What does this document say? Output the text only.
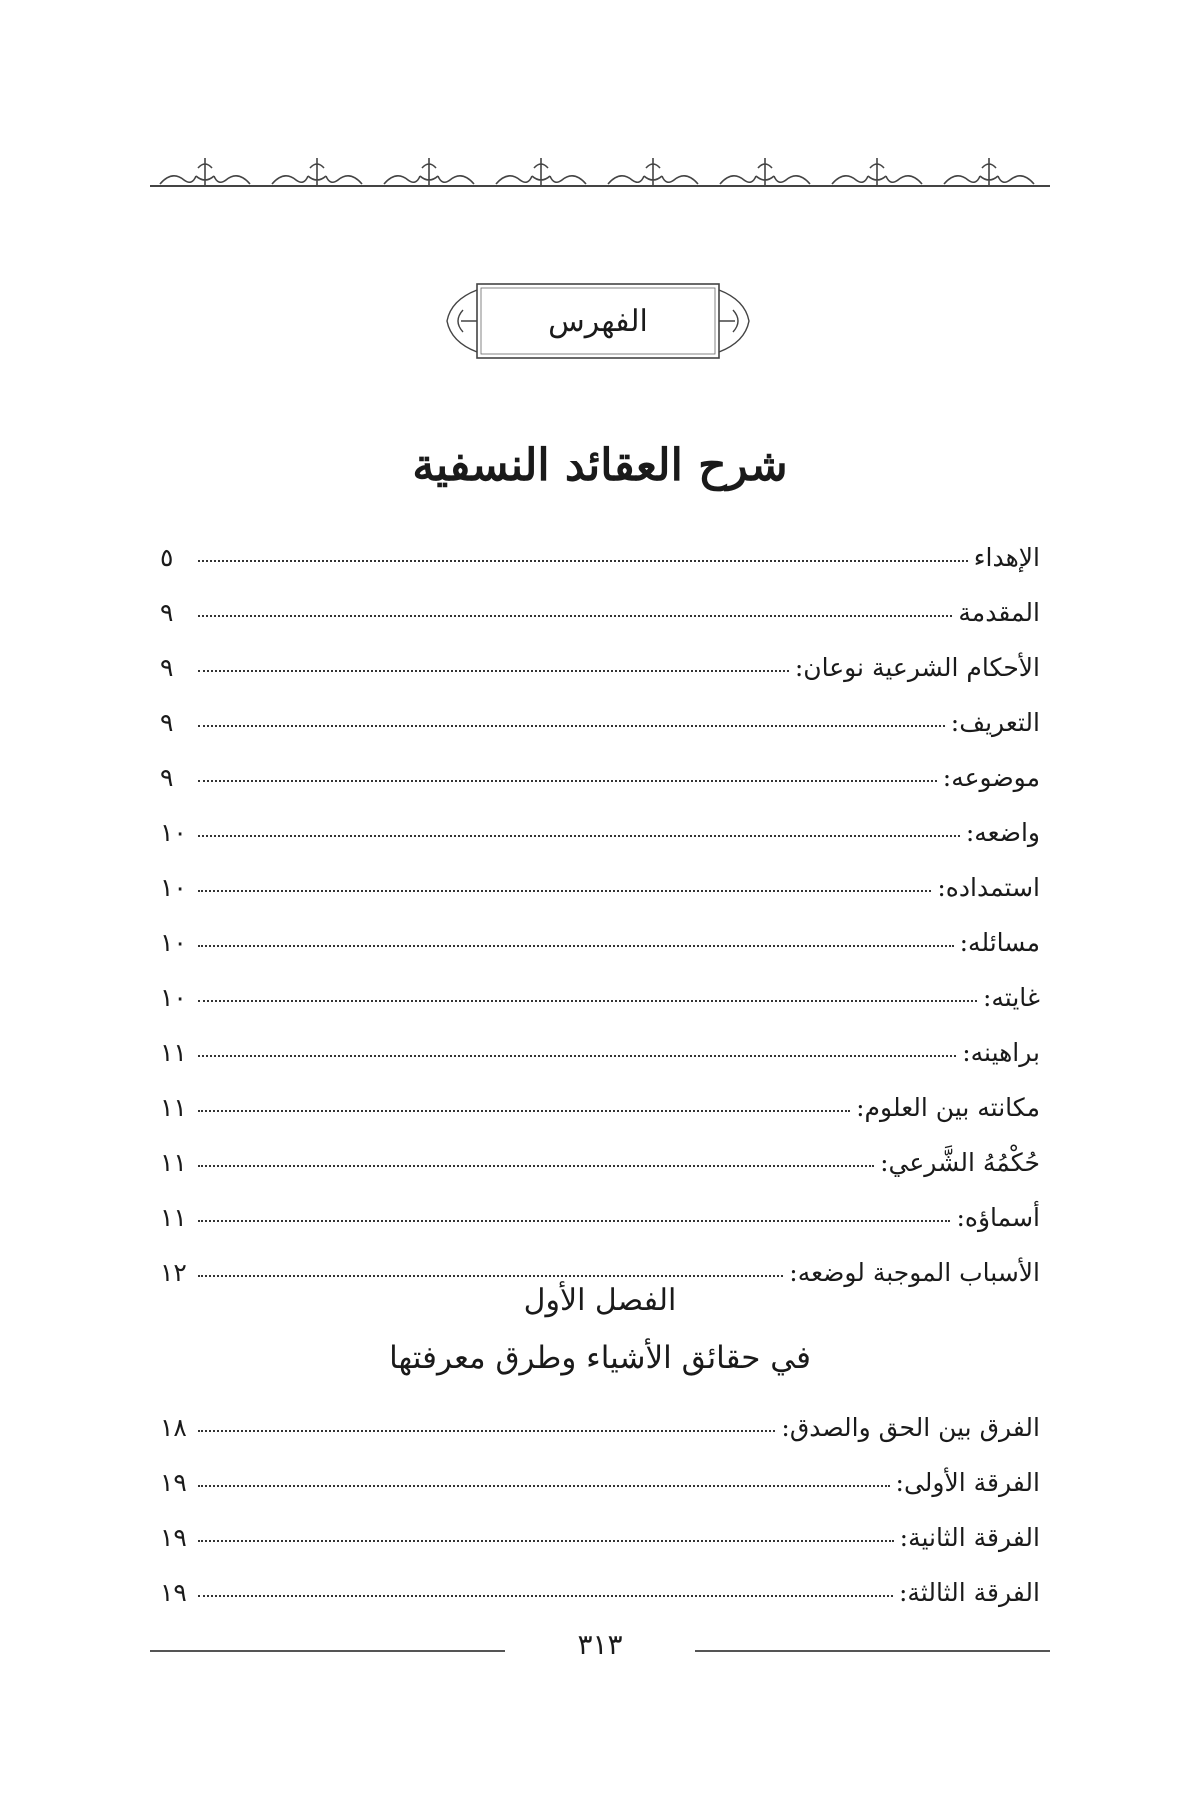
الفهرس
شرح العقائد النسفية
الإهداء
٥
المقدمة
٩
الأحكام الشرعية نوعان:
٩
التعريف:
٩
موضوعه:
٩
واضعه:
١٠
استمداده:
١٠
مسائله:
١٠
غايته:
١٠
براهينه:
١١
مكانته بين العلوم:
١١
حُكْمُهُ الشَّرعي:
١١
أسماؤه:
١١
الأسباب الموجبة لوضعه:
١٢
الفصل الأول
في حقائق الأشياء وطرق معرفتها
الفرق بين الحق والصدق:
١٨
الفرقة الأولى:
١٩
الفرقة الثانية:
١٩
الفرقة الثالثة:
١٩
٣١٣
